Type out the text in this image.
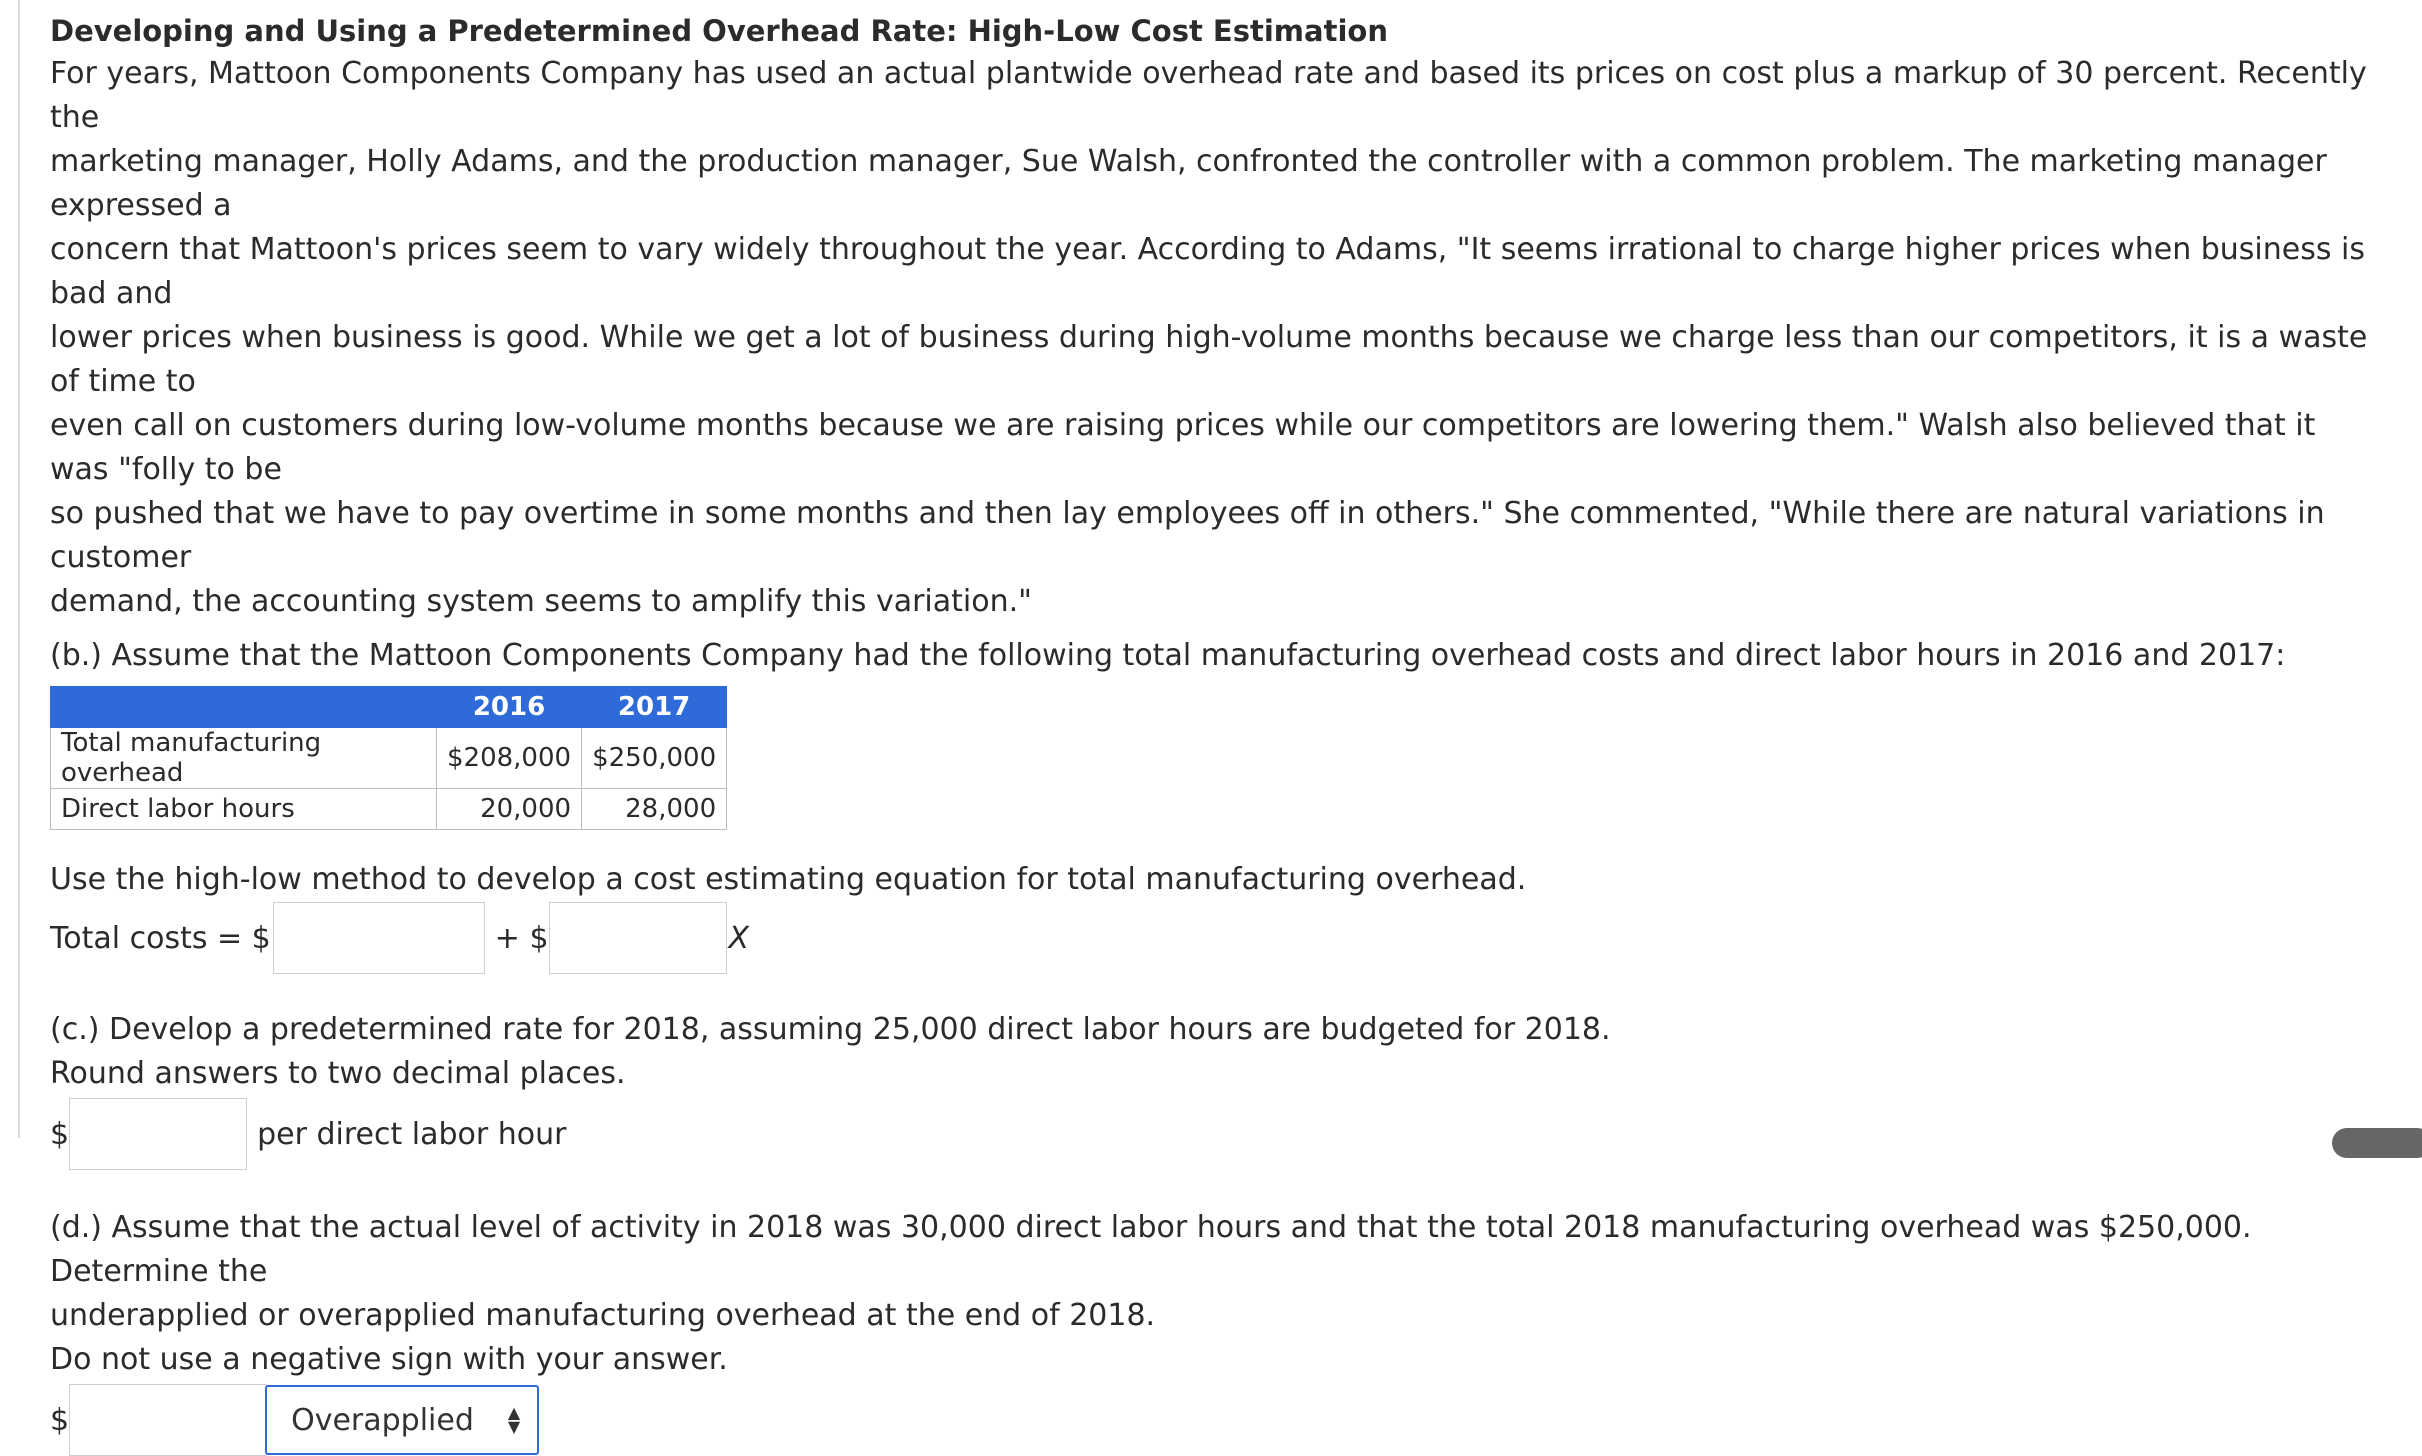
Developing and Using a Predetermined Overhead Rate: High-Low Cost Estimation

For years, Mattoon Components Company has used an actual plantwide overhead rate and based its prices on cost plus a markup of 30 percent. Recently the

marketing manager, Holly Adams, and the production manager, Sue Walsh, confronted the controller with a common problem. The marketing manager expressed a

concern that Mattoon's prices seem to vary widely throughout the year. According to Adams, "It seems irrational to charge higher prices when business is bad and

lower prices when business is good. While we get a lot of business during high-volume months because we charge less than our competitors, it is a waste of time to

even call on customers during low-volume months because we are raising prices while our competitors are lowering them." Walsh also believed that it was "folly to be

so pushed that we have to pay overtime in some months and then lay employees off in others." She commented, "While there are natural variations in customer

demand, the accounting system seems to amplify this variation."

(b.) Assume that the Mattoon Components Company had the following total manufacturing overhead costs and direct labor hours in 2016 and 2017:

	2016	2017
Total manufacturing overhead	$208,000	$250,000
Direct labor hours	20,000	28,000

Use the high-low method to develop a cost estimating equation for total manufacturing overhead.

Total costs = $	+ $	X

(c.) Develop a predetermined rate for 2018, assuming 25,000 direct labor hours are budgeted for 2018.

Round answers to two decimal places.

$	per direct labor hour

(d.) Assume that the actual level of activity in 2018 was 30,000 direct labor hours and that the total 2018 manufacturing overhead was $250,000. Determine the

underapplied or overapplied manufacturing overhead at the end of 2018.

Do not use a negative sign with your answer.

$	Overapplied ▲
▼
